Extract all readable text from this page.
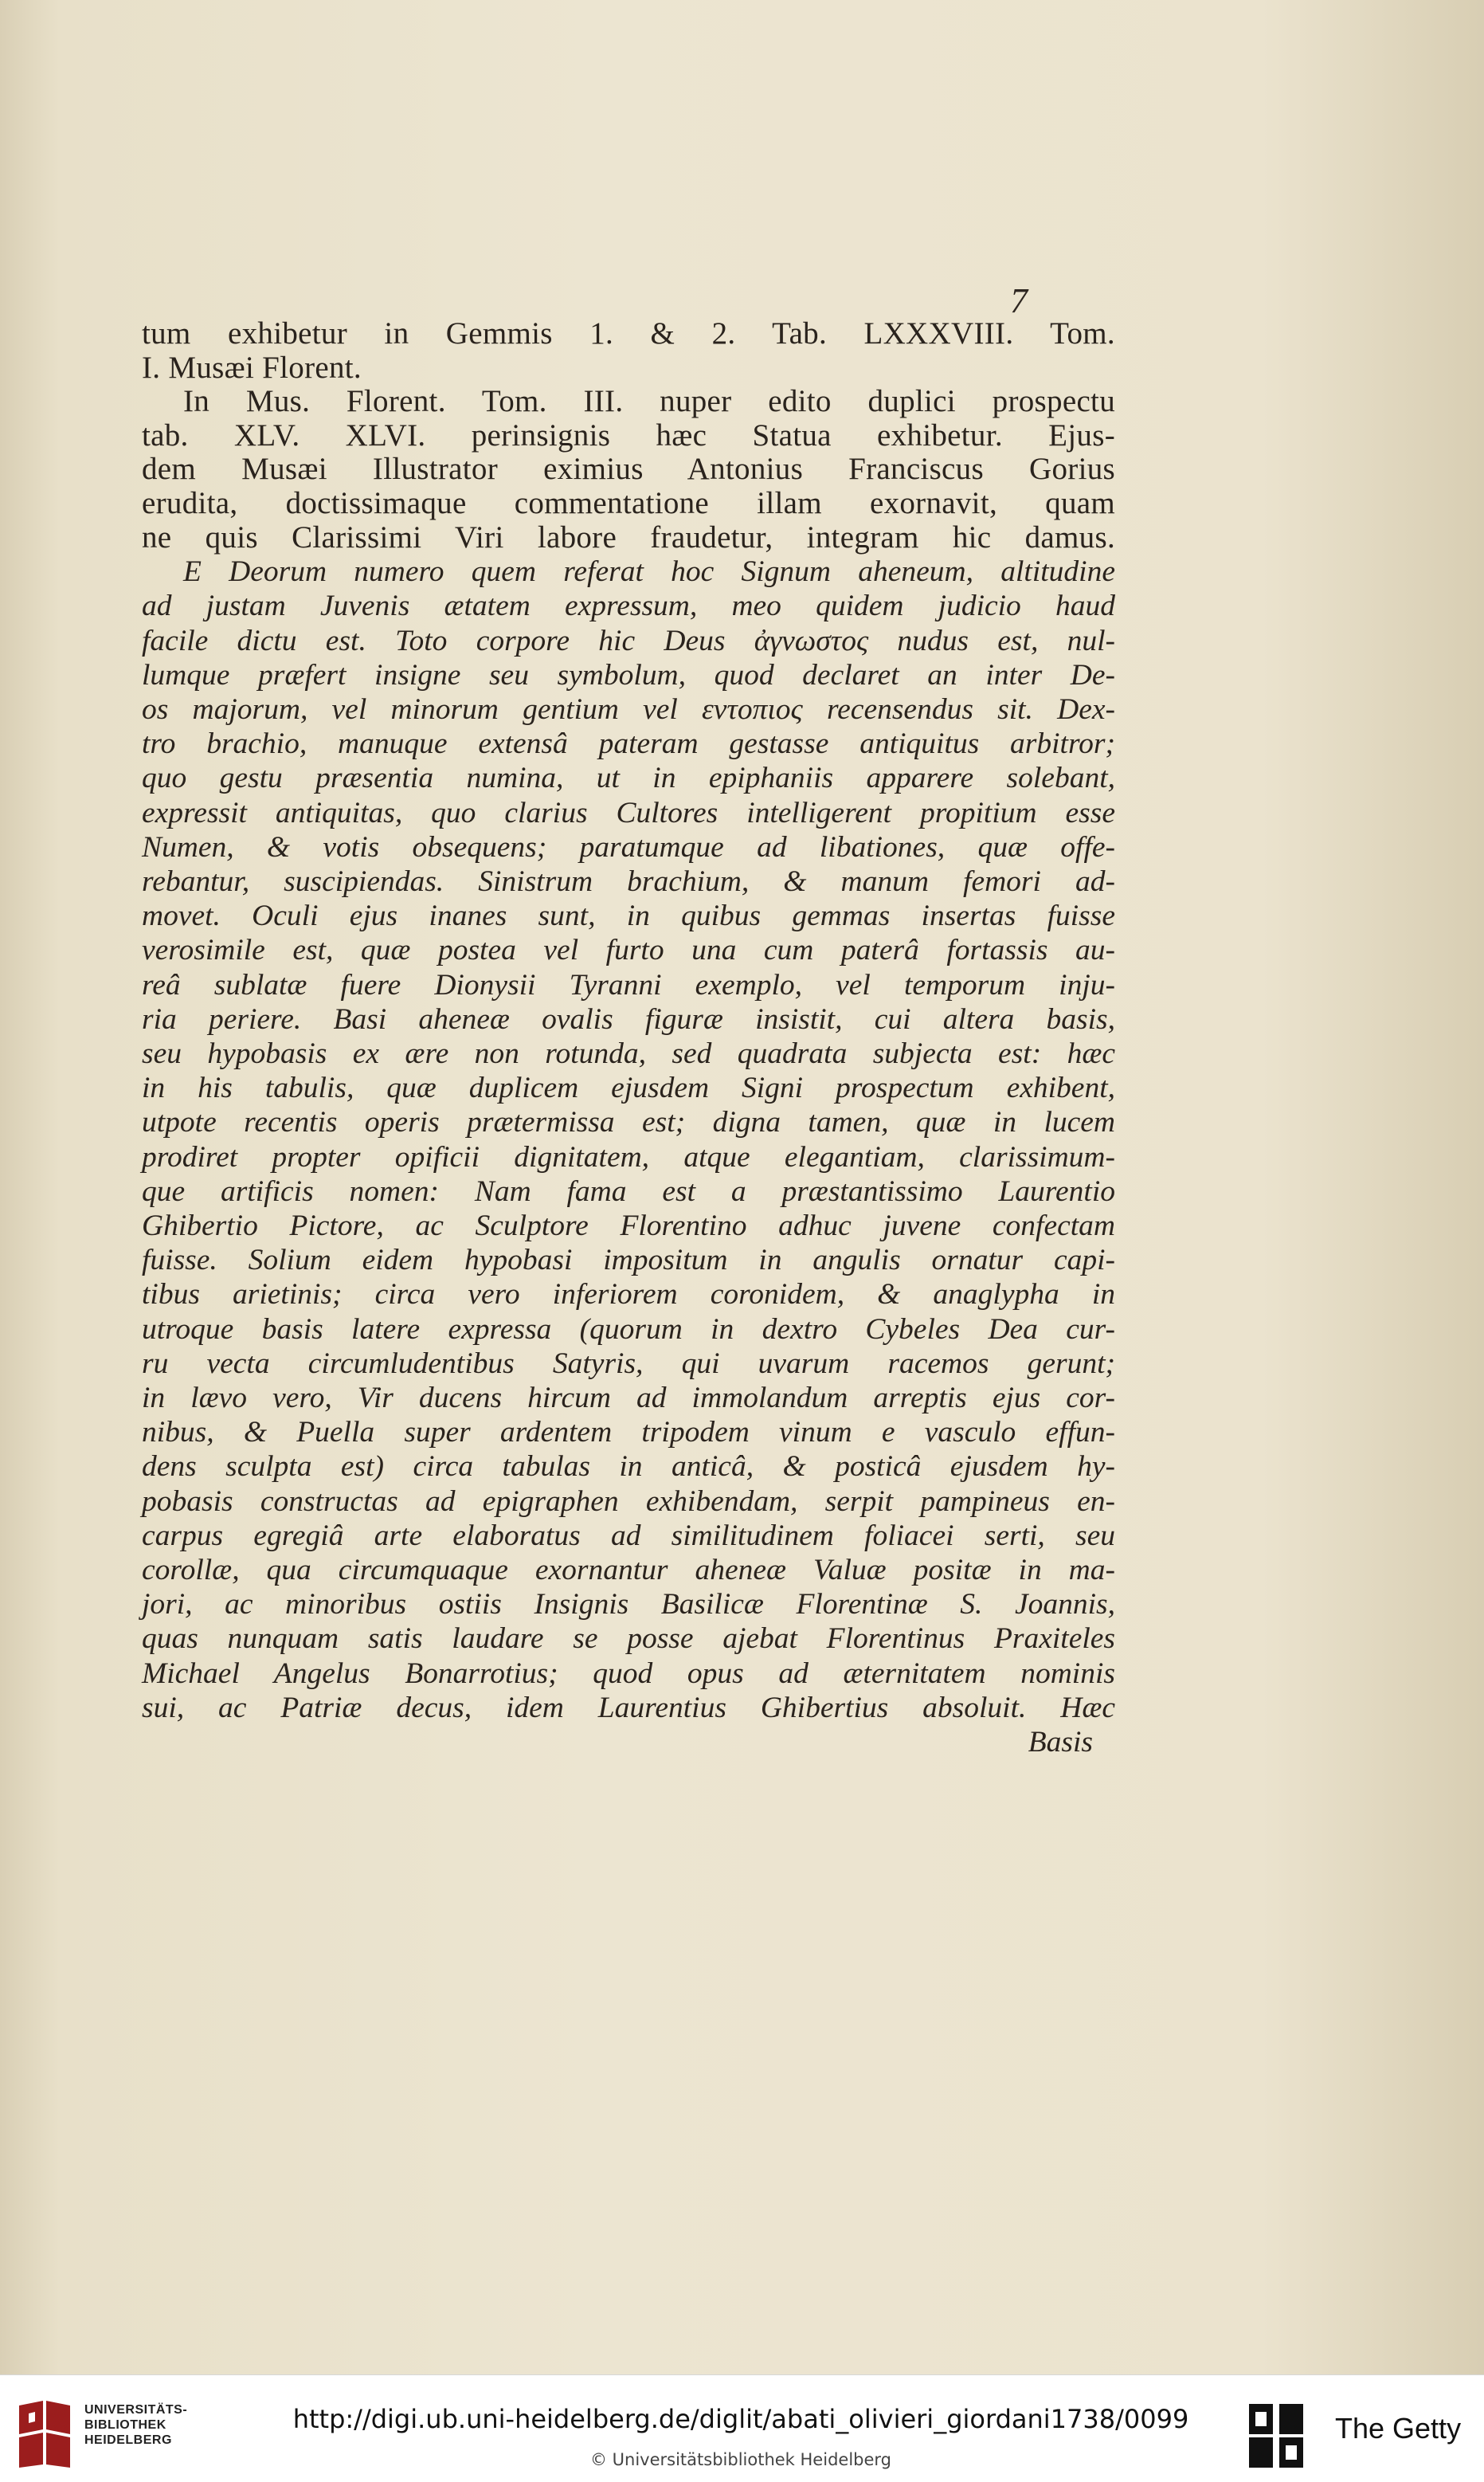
7

tum exhibetur in Gemmis 1. & 2. Tab. LXXXVIII. Tom.
I. Musæi Florent.

In Mus. Florent. Tom. III. nuper edito duplici prospectu
tab. XLV. XLVI. perinsignis hæc Statua exhibetur. Ejus-
dem Musæi Illustrator eximius Antonius Franciscus Gorius
erudita, doctissimaque commentatione illam exornavit, quam
ne quis Clarissimi Viri labore fraudetur, integram hic damus.

E Deorum numero quem referat hoc Signum aheneum, altitudine
ad justam Juvenis ætatem expressum, meo quidem judicio haud
facile dictu est. Toto corpore hic Deus ἀγνωστος nudus est, nul-
lumque præfert insigne seu symbolum, quod declaret an inter De-
os majorum, vel minorum gentium vel εντοπιος recensendus sit. Dex-
tro brachio, manuque extensâ pateram gestasse antiquitus arbitror;
quo gestu præsentia numina, ut in epiphaniis apparere solebant,
expressit antiquitas, quo clarius Cultores intelligerent propitium esse
Numen, & votis obsequens; paratumque ad libationes, quæ offe-
rebantur, suscipiendas. Sinistrum brachium, & manum femori ad-
movet. Oculi ejus inanes sunt, in quibus gemmas insertas fuisse
verosimile est, quæ postea vel furto una cum paterâ fortassis au-
reâ sublatæ fuere Dionysii Tyranni exemplo, vel temporum inju-
ria periere. Basi aheneæ ovalis figuræ insistit, cui altera basis,
seu hypobasis ex ære non rotunda, sed quadrata subjecta est: hæc
in his tabulis, quæ duplicem ejusdem Signi prospectum exhibent,
utpote recentis operis prætermissa est; digna tamen, quæ in lucem
prodiret propter opificii dignitatem, atque elegantiam, clarissimum-
que artificis nomen: Nam fama est a præstantissimo Laurentio
Ghibertio Pictore, ac Sculptore Florentino adhuc juvene confectam
fuisse. Solium eidem hypobasi impositum in angulis ornatur capi-
tibus arietinis; circa vero inferiorem coronidem, & anaglypha in
utroque basis latere expressa (quorum in dextro Cybeles Dea cur-
ru vecta circumludentibus Satyris, qui uvarum racemos gerunt;
in lævo vero, Vir ducens hircum ad immolandum arreptis ejus cor-
nibus, & Puella super ardentem tripodem vinum e vasculo effun-
dens sculpta est) circa tabulas in anticâ, & posticâ ejusdem hy-
pobasis constructas ad epigraphen exhibendam, serpit pampineus en-
carpus egregiâ arte elaboratus ad similitudinem foliacei serti, seu
corollæ, qua circumquaque exornantur aheneæ Valuæ positæ in ma-
jori, ac minoribus ostiis Insignis Basilicæ Florentinæ S. Joannis,
quas nunquam satis laudare se posse ajebat Florentinus Praxiteles
Michael Angelus Bonarrotius; quod opus ad æternitatem nominis
sui, ac Patriæ decus, idem Laurentius Ghibertius absoluit. Hæc

Basis
UNIVERSITÄTS-
BIBLIOTHEK
HEIDELBERG
http://digi.ub.uni-heidelberg.de/diglit/abati_olivieri_giordani1738/0099
© Universitätsbibliothek Heidelberg
The Getty
